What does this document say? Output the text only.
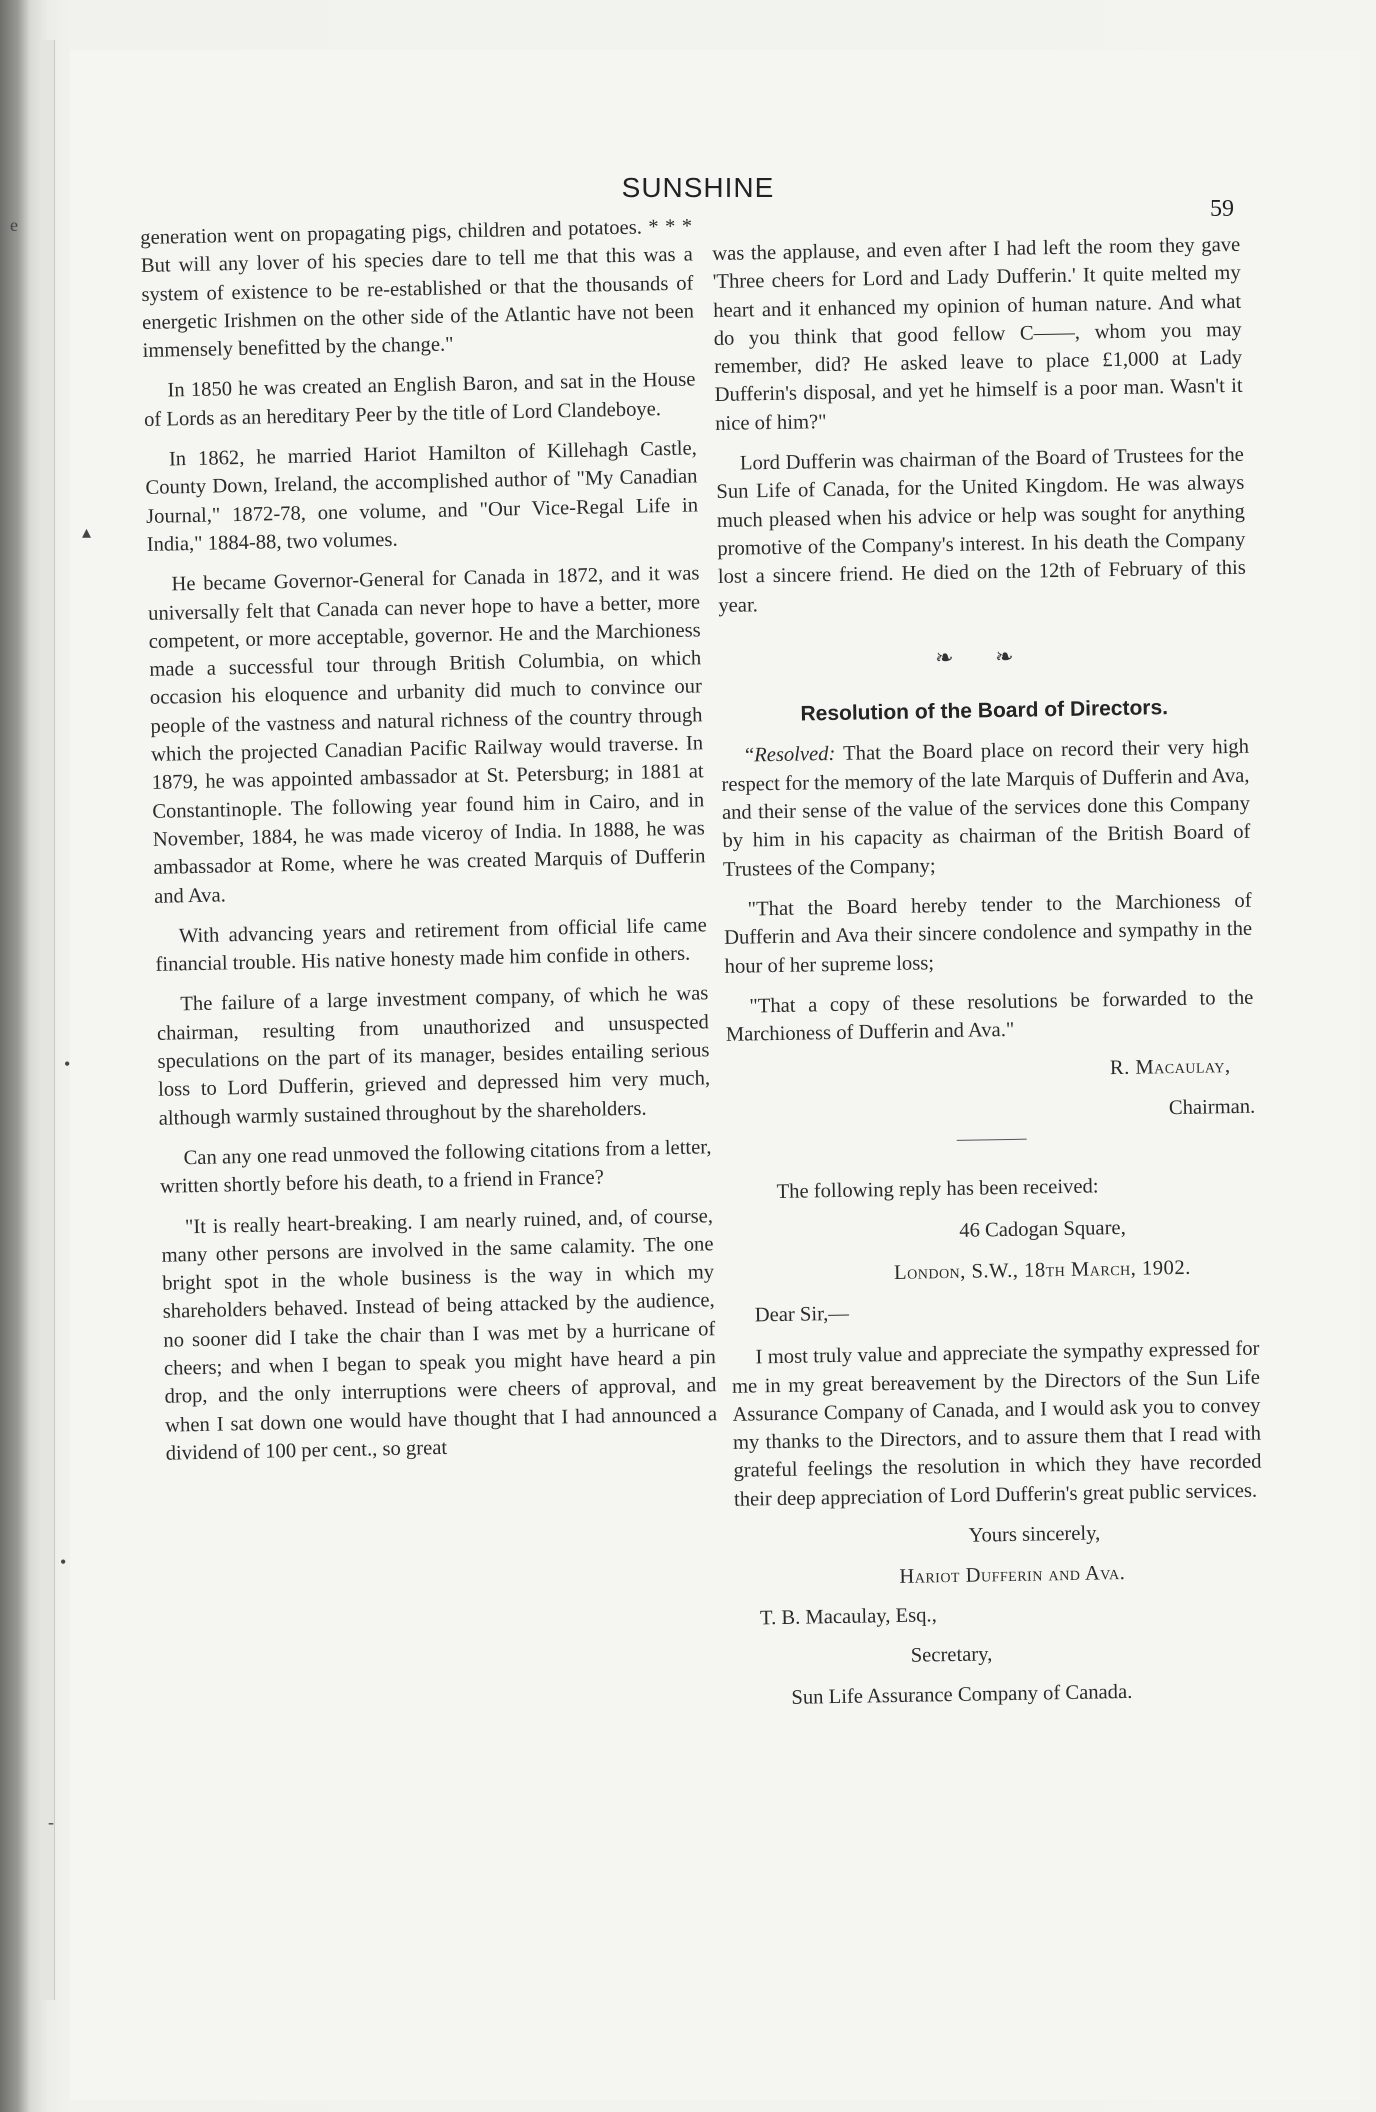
e
▴
•
•
-
SUNSHINE
59

generation went on propagating pigs, children and potatoes. * * * But will any lover of his species dare to tell me that this was a system of existence to be re-established or that the thousands of energetic Irishmen on the other side of the Atlantic have not been immensely benefitted by the change."

In 1850 he was created an English Baron, and sat in the House of Lords as an hereditary Peer by the title of Lord Clandeboye.

In 1862, he married Hariot Hamilton of Killehagh Castle, County Down, Ireland, the accomplished author of "My Canadian Journal," 1872-78, one volume, and "Our Vice-Regal Life in India," 1884-88, two volumes.

He became Governor-General for Canada in 1872, and it was universally felt that Canada can never hope to have a better, more competent, or more acceptable, governor. He and the Marchioness made a successful tour through British Columbia, on which occasion his eloquence and urbanity did much to convince our people of the vastness and natural richness of the country through which the projected Canadian Pacific Railway would traverse. In 1879, he was appointed ambassador at St. Petersburg; in 1881 at Constantinople. The following year found him in Cairo, and in November, 1884, he was made viceroy of India. In 1888, he was ambassador at Rome, where he was created Marquis of Dufferin and Ava.

With advancing years and retirement from official life came financial trouble. His native honesty made him confide in others.

The failure of a large investment company, of which he was chairman, resulting from unauthorized and unsuspected speculations on the part of its manager, besides entailing serious loss to Lord Dufferin, grieved and depressed him very much, although warmly sustained throughout by the shareholders.

Can any one read unmoved the following citations from a letter, written shortly before his death, to a friend in France?

"It is really heart-breaking. I am nearly ruined, and, of course, many other persons are involved in the same calamity. The one bright spot in the whole business is the way in which my shareholders behaved. Instead of being attacked by the audience, no sooner did I take the chair than I was met by a hurricane of cheers; and when I began to speak you might have heard a pin drop, and the only interruptions were cheers of approval, and when I sat down one would have thought that I had announced a dividend of 100 per cent., so great

was the applause, and even after I had left the room they gave 'Three cheers for Lord and Lady Dufferin.' It quite melted my heart and it enhanced my opinion of human nature. And what do you think that good fellow C——, whom you may remember, did? He asked leave to place £1,000 at Lady Dufferin's disposal, and yet he himself is a poor man. Wasn't it nice of him?"

Lord Dufferin was chairman of the Board of Trustees for the Sun Life of Canada, for the United Kingdom. He was always much pleased when his advice or help was sought for anything promotive of the Company's interest. In his death the Company lost a sincere friend. He died on the 12th of February of this year.

❧ ❧
Resolution of the Board of Directors.

“Resolved: That the Board place on record their very high respect for the memory of the late Marquis of Dufferin and Ava, and their sense of the value of the services done this Company by him in his capacity as chairman of the British Board of Trustees of the Company;

"That the Board hereby tender to the Marchioness of Dufferin and Ava their sincere condolence and sympathy in the hour of her supreme loss;

"That a copy of these resolutions be forwarded to the Marchioness of Dufferin and Ava."

R. Macaulay,

Chairman.

The following reply has been received:

46 Cadogan Square,

London, S.W., 18th March, 1902.

Dear Sir,—

I most truly value and appreciate the sympathy expressed for me in my great bereavement by the Directors of the Sun Life Assurance Company of Canada, and I would ask you to convey my thanks to the Directors, and to assure them that I read with grateful feelings the resolution in which they have recorded their deep appreciation of Lord Dufferin's great public services.

Yours sincerely,

Hariot Dufferin and Ava.

T. B. Macaulay, Esq.,

Secretary,

Sun Life Assurance Company of Canada.
